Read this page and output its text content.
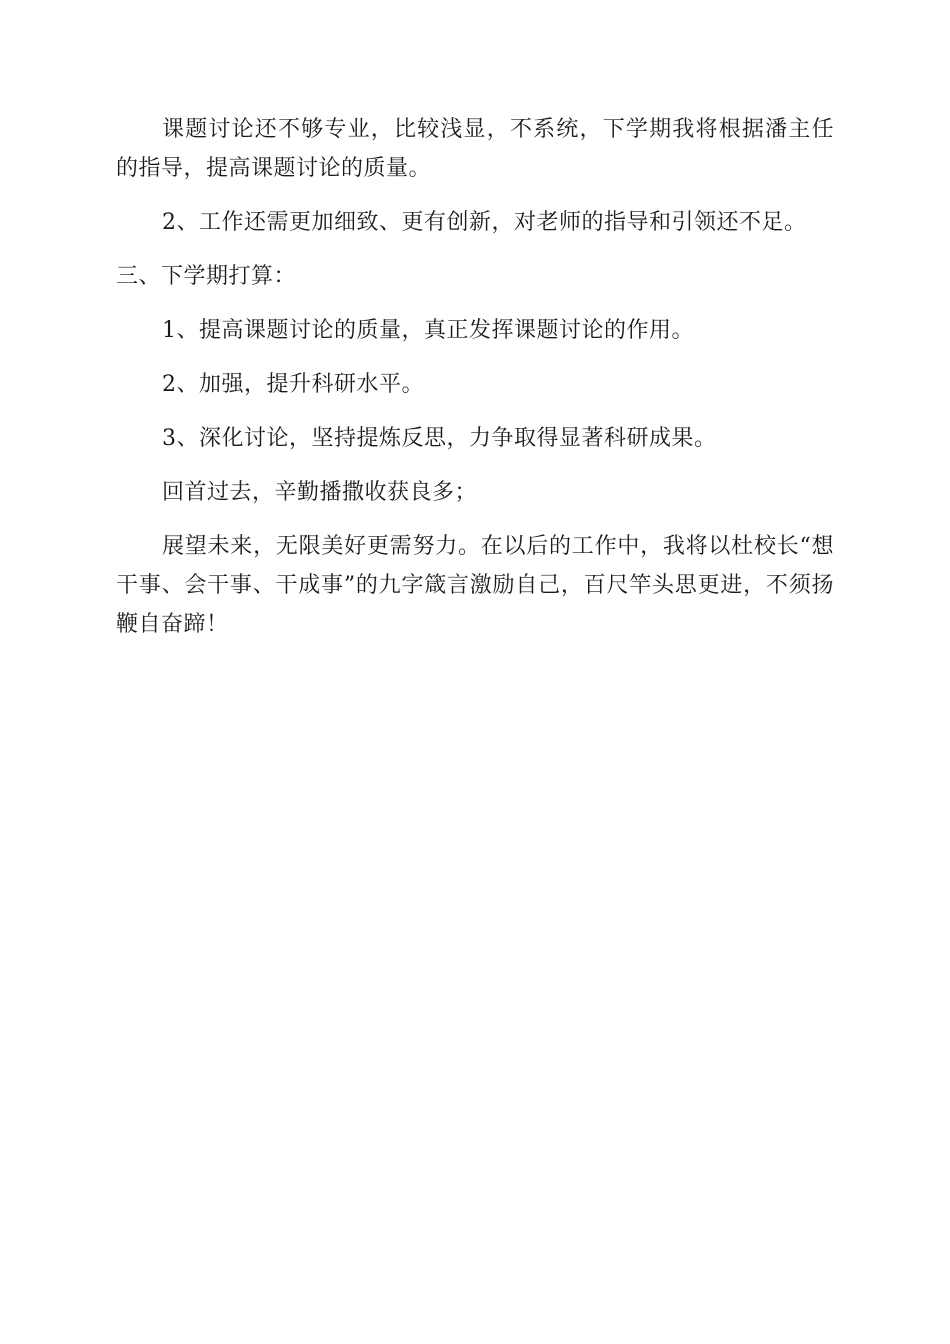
课题讨论还不够专业，比较浅显，不系统，下学期我将根据潘主任的指导，提高课题讨论的质量。

2、工作还需更加细致、更有创新，对老师的指导和引领还不足。

三、下学期打算：

1、提高课题讨论的质量，真正发挥课题讨论的作用。

2、加强，提升科研水平。

3、深化讨论，坚持提炼反思，力争取得显著科研成果。

回首过去，辛勤播撒收获良多；

展望未来，无限美好更需努力。在以后的工作中，我将以杜校长“想干事、会干事、干成事”的九字箴言激励自己，百尺竿头思更进，不须扬鞭自奋蹄！
